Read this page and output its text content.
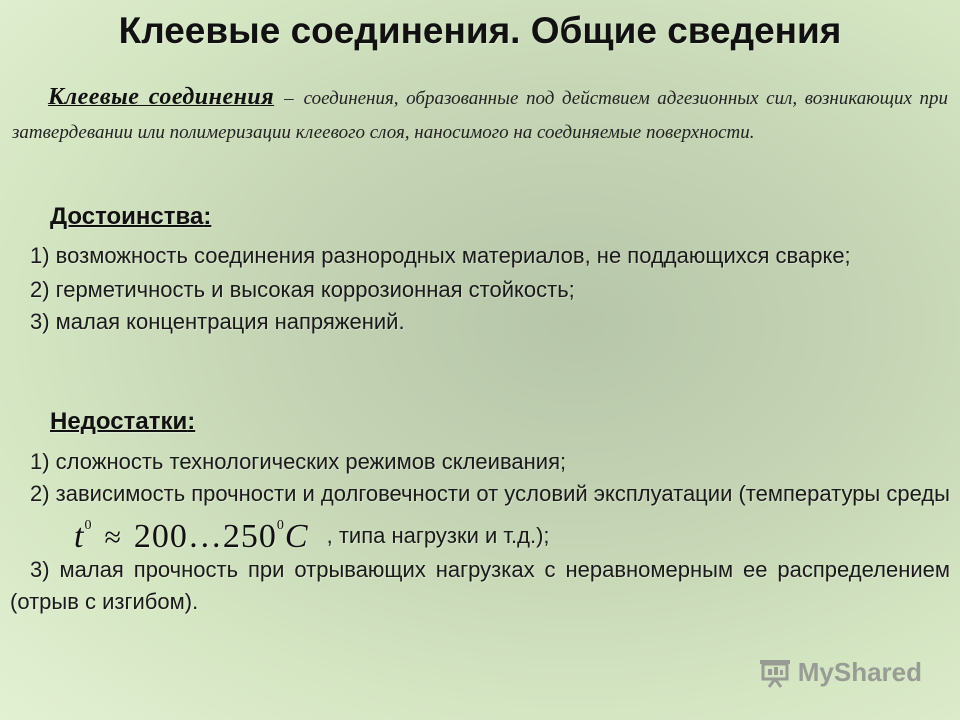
Клеевые соединения. Общие сведения
Клеевые соединения – соединения, образованные под действием адгезионных сил, возникающих при затвердевании или полимеризации клеевого слоя, наносимого на соединяемые поверхности.
Достоинства:
1) возможность соединения разнородных материалов, не поддающихся сварке;
2) герметичность и высокая коррозионная стойкость;
3) малая концентрация напряжений.
Недостатки:
1) сложность технологических режимов склеивания;
2) зависимость прочности и долговечности от условий эксплуатации (температуры средыt$^0$ ≈ $200\dots 250^0C$ , типа нагрузки и т.д.);
3) малая прочность при отрывающих нагрузках с неравномерным ее распределением (отрыв с изгибом).
MyShared
